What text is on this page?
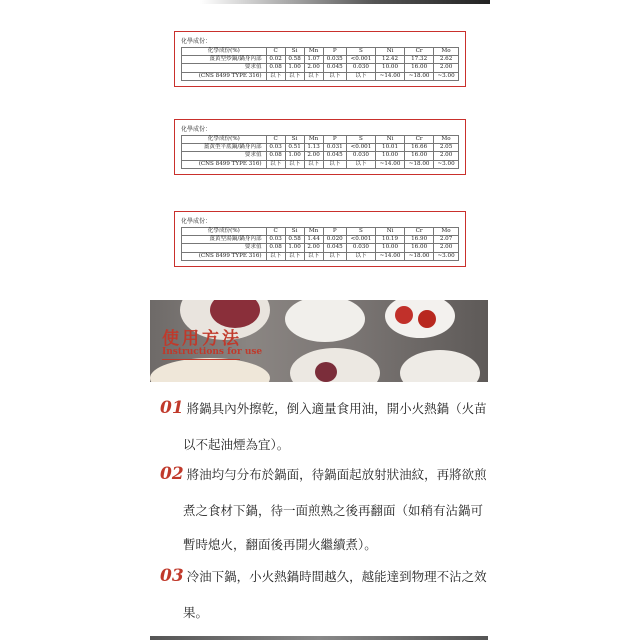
化學成份：
化學成份(%)	C	Si	Mn	P	S	Ni	Cr	Mo
薑黃型炒鍋/鍋身內部	0.02	0.58	1.07	0.035	<0.001	12.42	17.32	2.62
要求值	0.08	1.00	2.00	0.045	0.030	10.00	16.00	2.00
(CNS 8499 TYPE 316)	以下	以下	以下	以下	以下	~14.00	~18.00	~3.00
化學成份：
化學成份(%)	C	Si	Mn	P	S	Ni	Cr	Mo
薑黃型平底鍋/鍋身內部	0.03	0.51	1.13	0.031	<0.001	10.01	16.66	2.05
要求值	0.08	1.00	2.00	0.045	0.030	10.00	16.00	2.00
(CNS 8499 TYPE 316)	以下	以下	以下	以下	以下	~14.00	~18.00	~3.00
化學成份：
化學成份(%)	C	Si	Mn	P	S	Ni	Cr	Mo
薑黃型湯鍋/鍋身內部	0.03	0.58	1.44	0.020	<0.001	10.19	16.90	2.07
要求值	0.08	1.00	2.00	0.045	0.030	10.00	16.00	2.00
(CNS 8499 TYPE 316)	以下	以下	以下	以下	以下	~14.00	~18.00	~3.00
使用方法
Instructions for use
01 將鍋具內外擦乾，倒入適量食用油，開小火熱鍋（火苗
以不起油煙為宜）。
02 將油均勻分布於鍋面，待鍋面起放射狀油紋，再將欲煎
煮之食材下鍋，待一面煎熟之後再翻面（如稍有沾鍋可
暫時熄火，翻面後再開火繼續煮）。
03 冷油下鍋，小火熱鍋時間越久，越能達到物理不沾之效
果。
